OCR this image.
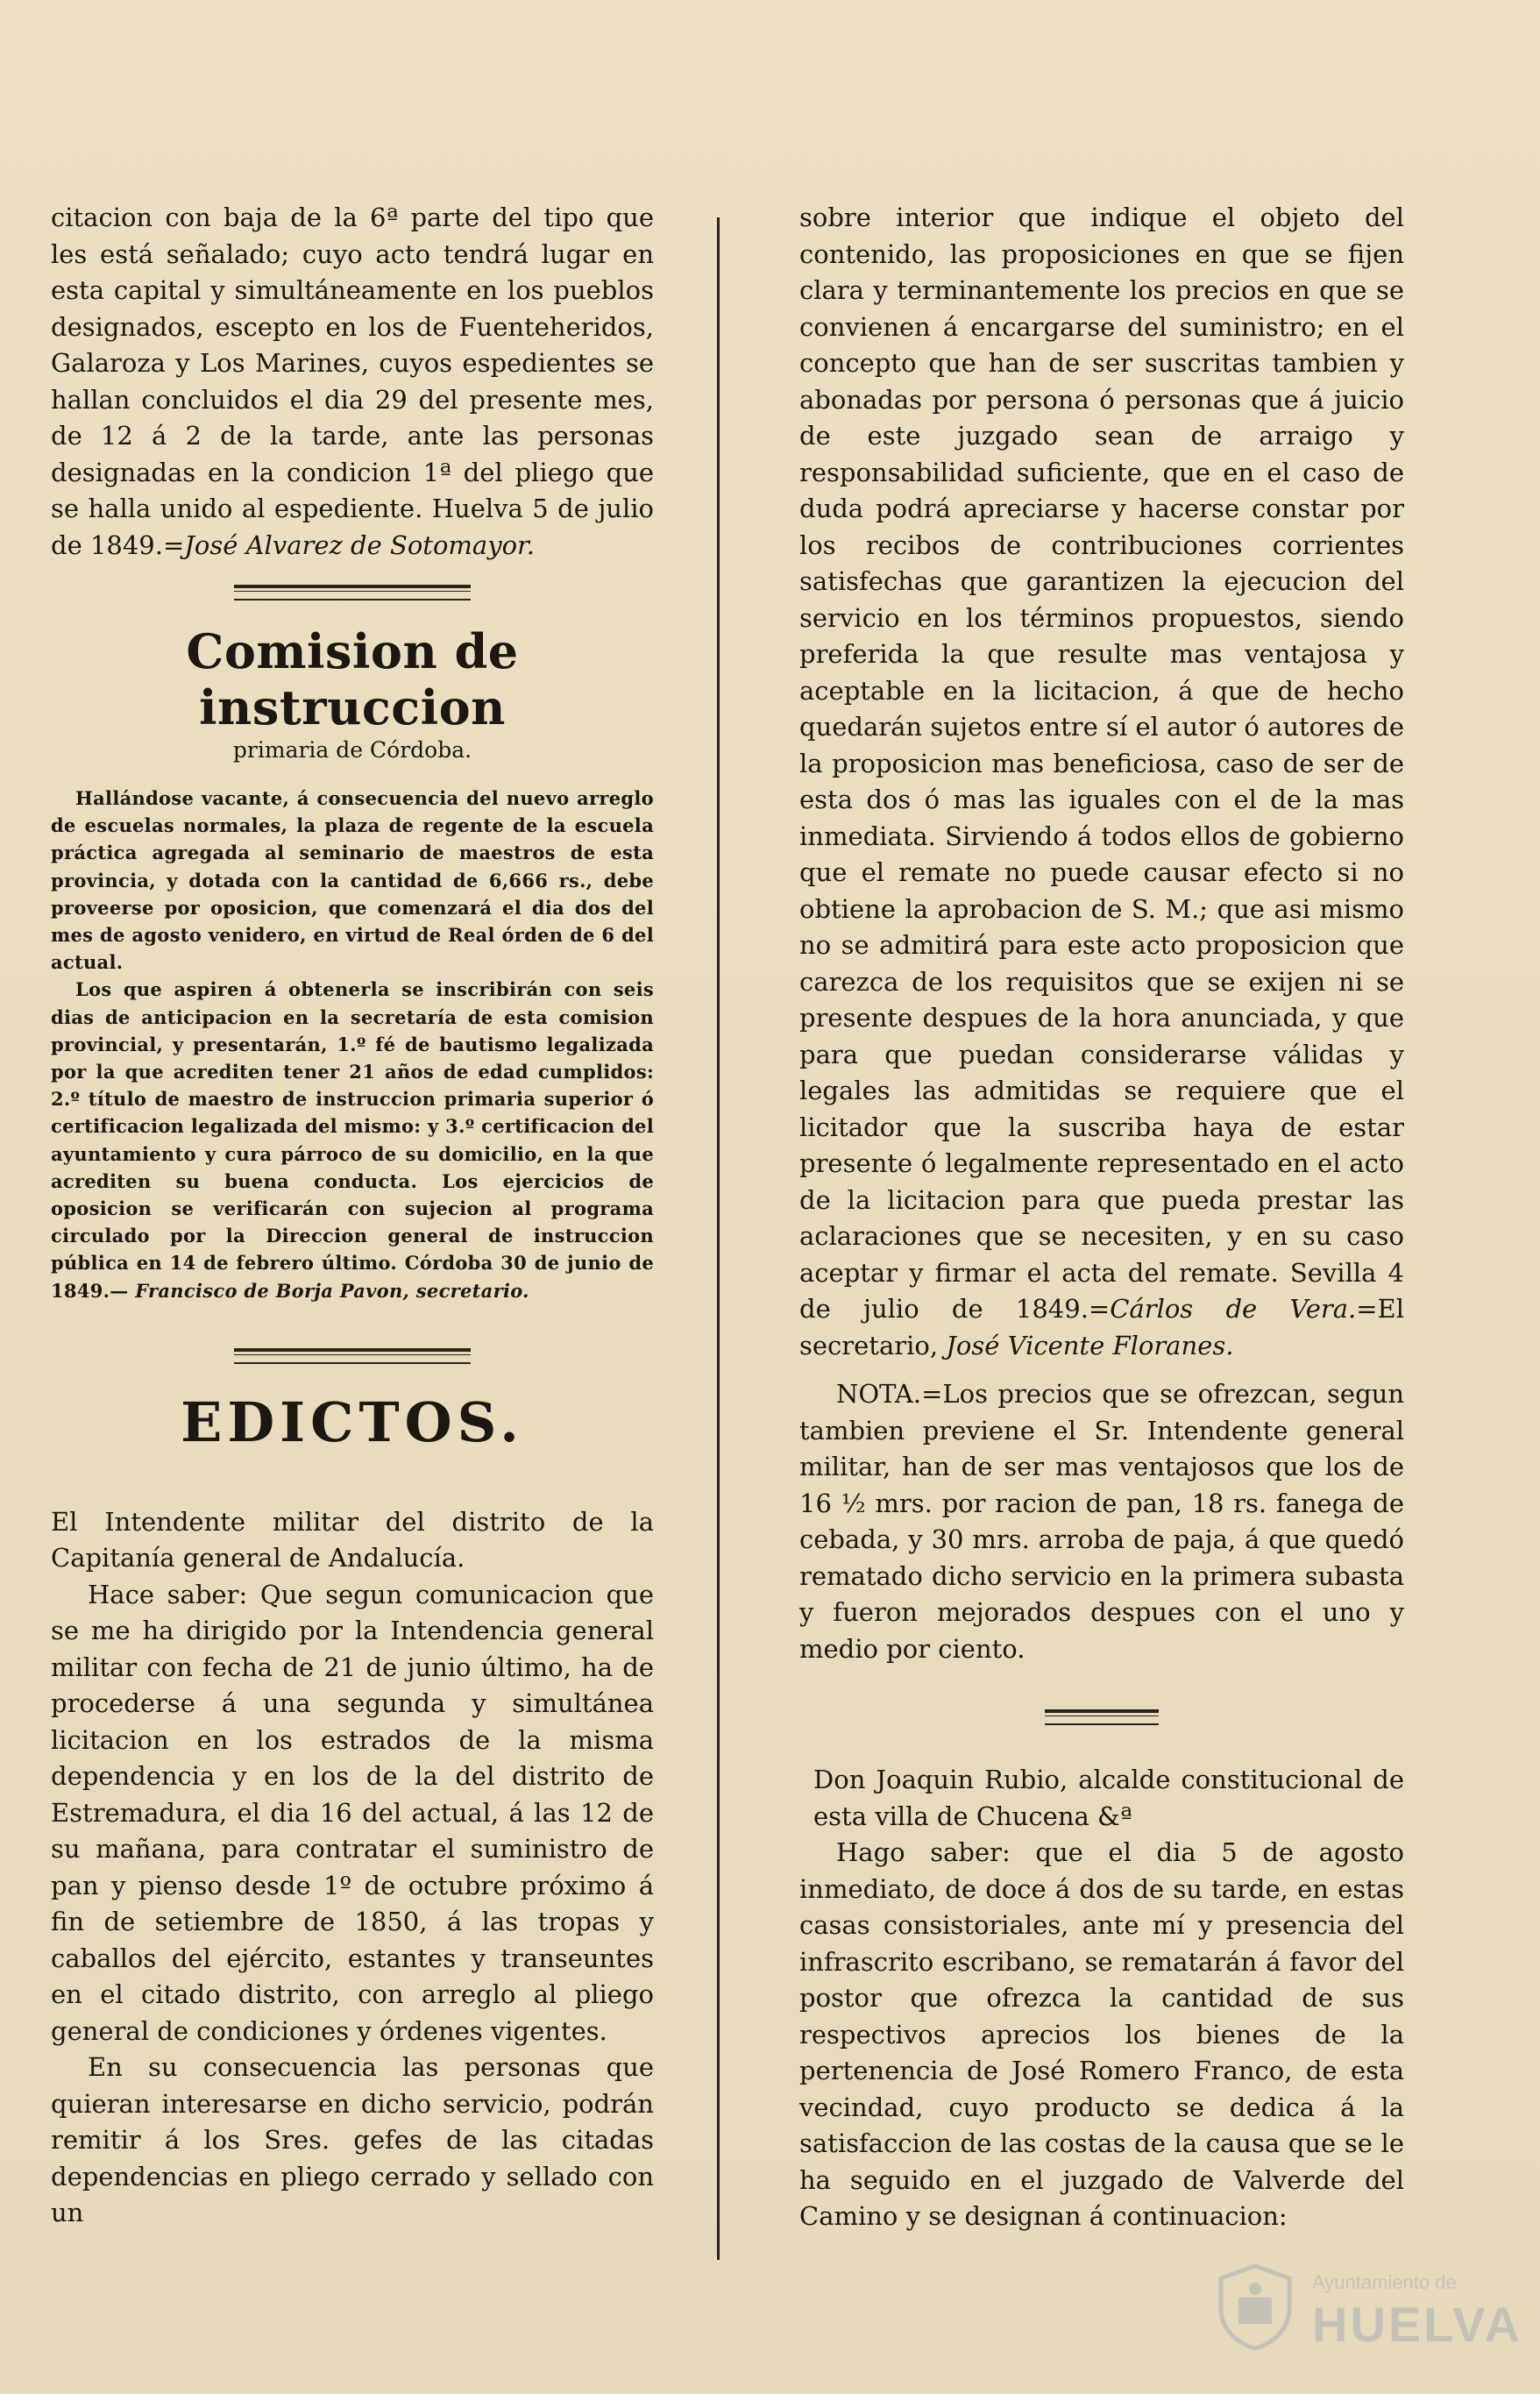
citacion con baja de la 6ª parte del tipo que les está señalado; cuyo acto tendrá lugar en esta capital y simultáneamente en los pueblos designados, escepto en los de Fuenteheridos, Galaroza y Los Marines, cuyos espedientes se hallan concluidos el dia 29 del presente mes, de 12 á 2 de la tarde, ante las personas designadas en la condicion 1ª del pliego que se halla unido al espediente. Huelva 5 de julio de 1849.=José Alvarez de Sotomayor.

Comision de instruccion
primaria de Córdoba.

Hallándose vacante, á consecuencia del nuevo arreglo de escuelas normales, la plaza de regente de la escuela práctica agregada al seminario de maestros de esta provincia, y dotada con la cantidad de 6,666 rs., debe proveerse por oposicion, que comenzará el dia dos del mes de agosto venidero, en virtud de Real órden de 6 del actual.

Los que aspiren á obtenerla se inscribirán con seis dias de anticipacion en la secretaría de esta comision provincial, y presentarán, 1.º fé de bautismo legalizada por la que acrediten tener 21 años de edad cumplidos: 2.º título de maestro de instruccion primaria superior ó certificacion legalizada del mismo: y 3.º certificacion del ayuntamiento y cura párroco de su domicilio, en la que acrediten su buena conducta. Los ejercicios de oposicion se verificarán con sujecion al programa circulado por la Direccion general de instruccion pública en 14 de febrero último. Córdoba 30 de junio de 1849.— Francisco de Borja Pavon, secretario.

EDICTOS.

El Intendente militar del distrito de la Capitanía general de Andalucía.

Hace saber: Que segun comunicacion que se me ha dirigido por la Intendencia general militar con fecha de 21 de junio último, ha de procederse á una segunda y simultánea licitacion en los estrados de la misma dependencia y en los de la del distrito de Estremadura, el dia 16 del actual, á las 12 de su mañana, para contratar el suministro de pan y pienso desde 1º de octubre próximo á fin de setiembre de 1850, á las tropas y caballos del ejército, estantes y transeuntes en el citado distrito, con arreglo al pliego general de condiciones y órdenes vigentes.

En su consecuencia las personas que quieran interesarse en dicho servicio, podrán remitir á los Sres. gefes de las citadas dependencias en pliego cerrado y sellado con un

sobre interior que indique el objeto del contenido, las proposiciones en que se fijen clara y terminantemente los precios en que se convienen á encargarse del suministro; en el concepto que han de ser suscritas tambien y abonadas por persona ó personas que á juicio de este juzgado sean de arraigo y responsabilidad suficiente, que en el caso de duda podrá apreciarse y hacerse constar por los recibos de contribuciones corrientes satisfechas que garantizen la ejecucion del servicio en los términos propuestos, siendo preferida la que resulte mas ventajosa y aceptable en la licitacion, á que de hecho quedarán sujetos entre sí el autor ó autores de la proposicion mas beneficiosa, caso de ser de esta dos ó mas las iguales con el de la mas inmediata. Sirviendo á todos ellos de gobierno que el remate no puede causar efecto si no obtiene la aprobacion de S. M.; que asi mismo no se admitirá para este acto proposicion que carezca de los requisitos que se exijen ni se presente despues de la hora anunciada, y que para que puedan considerarse válidas y legales las admitidas se requiere que el licitador que la suscriba haya de estar presente ó legalmente representado en el acto de la licitacion para que pueda prestar las aclaraciones que se necesiten, y en su caso aceptar y firmar el acta del remate. Sevilla 4 de julio de 1849.=Cárlos de Vera.=El secretario, José Vicente Floranes.

NOTA.=Los precios que se ofrezcan, segun tambien previene el Sr. Intendente general militar, han de ser mas ventajosos que los de 16 ½ mrs. por racion de pan, 18 rs. fanega de cebada, y 30 mrs. arroba de paja, á que quedó rematado dicho servicio en la primera subasta y fueron mejorados despues con el uno y medio por ciento.

Don Joaquin Rubio, alcalde constitucional de esta villa de Chucena &ª

Hago saber: que el dia 5 de agosto inmediato, de doce á dos de su tarde, en estas casas consistoriales, ante mí y presencia del infrascrito escribano, se rematarán á favor del postor que ofrezca la cantidad de sus respectivos aprecios los bienes de la pertenencia de José Romero Franco, de esta vecindad, cuyo producto se dedica á la satisfaccion de las costas de la causa que se le ha seguido en el juzgado de Valverde del Camino y se designan á continuacion:

Ayuntamiento de
HUELVA
